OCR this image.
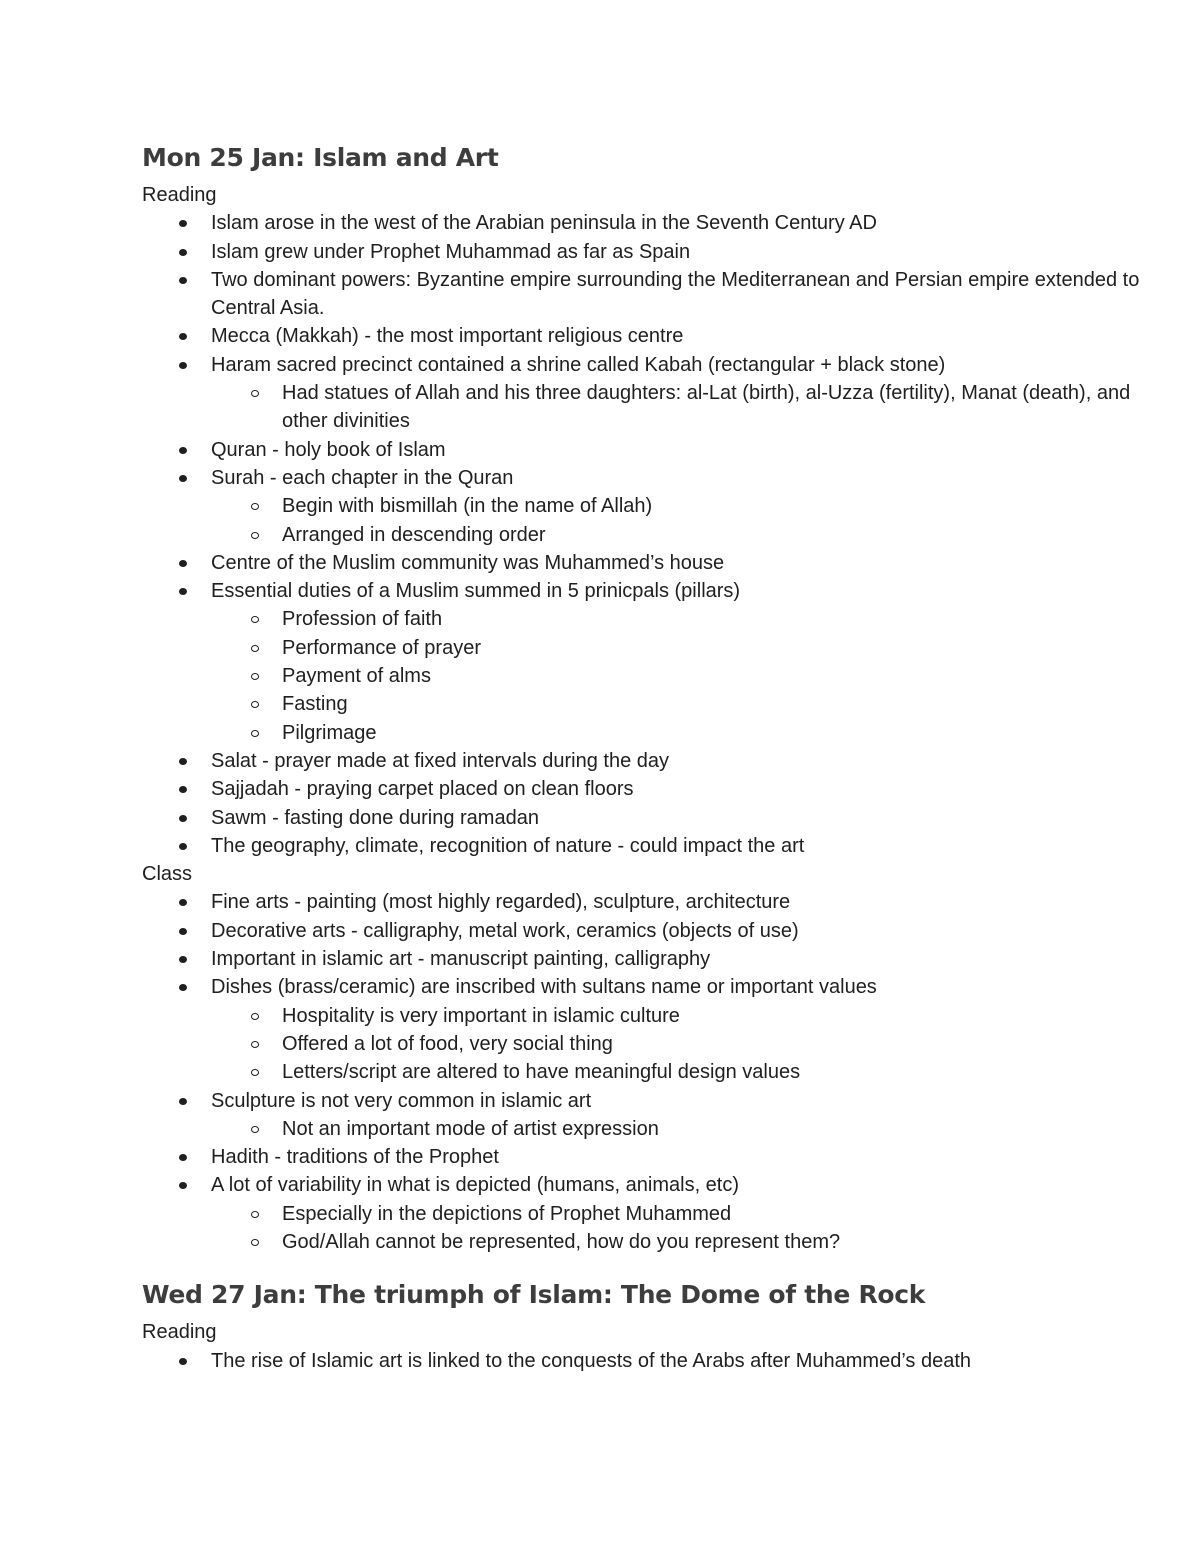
Mon 25 Jan: Islam and Art

Reading

Islam arose in the west of the Arabian peninsula in the Seventh Century AD
Islam grew under Prophet Muhammad as far as Spain
Two dominant powers: Byzantine empire surrounding the Mediterranean and Persian empire extended to Central Asia.
Mecca (Makkah) - the most important religious centre
Haram sacred precinct contained a shrine called Kabah (rectangular + black stone)
Had statues of Allah and his three daughters: al-Lat (birth), al-Uzza (fertility), Manat (death), and other divinities
Quran - holy book of Islam
Surah - each chapter in the Quran
Begin with bismillah (in the name of Allah)
Arranged in descending order
Centre of the Muslim community was Muhammed’s house
Essential duties of a Muslim summed in 5 prinicpals (pillars)
Profession of faith
Performance of prayer
Payment of alms
Fasting
Pilgrimage
Salat - prayer made at fixed intervals during the day
Sajjadah - praying carpet placed on clean floors
Sawm - fasting done during ramadan
The geography, climate, recognition of nature - could impact the art

Class

Fine arts - painting (most highly regarded), sculpture, architecture
Decorative arts - calligraphy, metal work, ceramics (objects of use)
Important in islamic art - manuscript painting, calligraphy
Dishes (brass/ceramic) are inscribed with sultans name or important values
Hospitality is very important in islamic culture
Offered a lot of food, very social thing
Letters/script are altered to have meaningful design values
Sculpture is not very common in islamic art
Not an important mode of artist expression
Hadith - traditions of the Prophet
A lot of variability in what is depicted (humans, animals, etc)
Especially in the depictions of Prophet Muhammed
God/Allah cannot be represented, how do you represent them?
Wed 27 Jan: The triumph of Islam: The Dome of the Rock

Reading

The rise of Islamic art is linked to the conquests of the Arabs after Muhammed’s death
